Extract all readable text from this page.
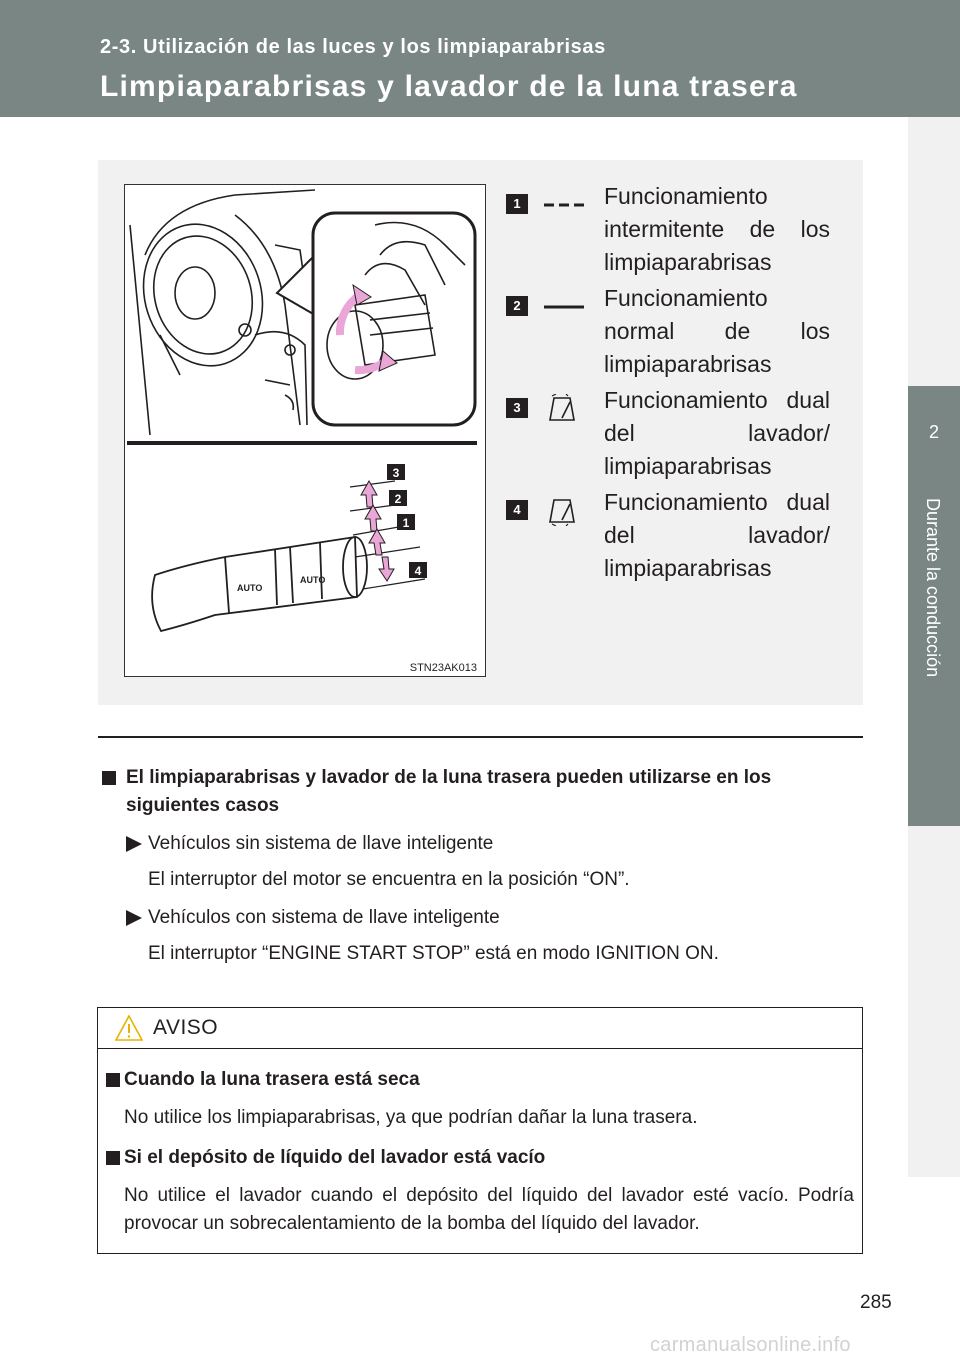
2-3. Utilización de las luces y los limpiaparabrisas
Limpiaparabrisas y lavador de la luna trasera
2
Durante la conducción
AUTO
AUTO
3
2
1
4
STN23AK013
1	Funcionamiento intermitente de los limpiaparabrisas
2	Funcionamiento normal de los limpiaparabrisas
3	Funcionamiento dual del lavador/ limpiaparabrisas
4	Funcionamiento dual del lavador/ limpiaparabrisas
El limpiaparabrisas y lavador de la luna trasera pueden utilizarse en los siguientes casos
Vehículos sin sistema de llave inteligente
El interruptor del motor se encuentra en la posición “ON”.
Vehículos con sistema de llave inteligente
El interruptor “ENGINE START STOP” está en modo IGNITION ON.
AVISO
Cuando la luna trasera está seca
No utilice los limpiaparabrisas, ya que podrían dañar la luna trasera.
Si el depósito de líquido del lavador está vacío
No utilice el lavador cuando el depósito del líquido del lavador esté vacío. Podría provocar un sobrecalentamiento de la bomba del líquido del lavador.
285
carmanualsonline.info
